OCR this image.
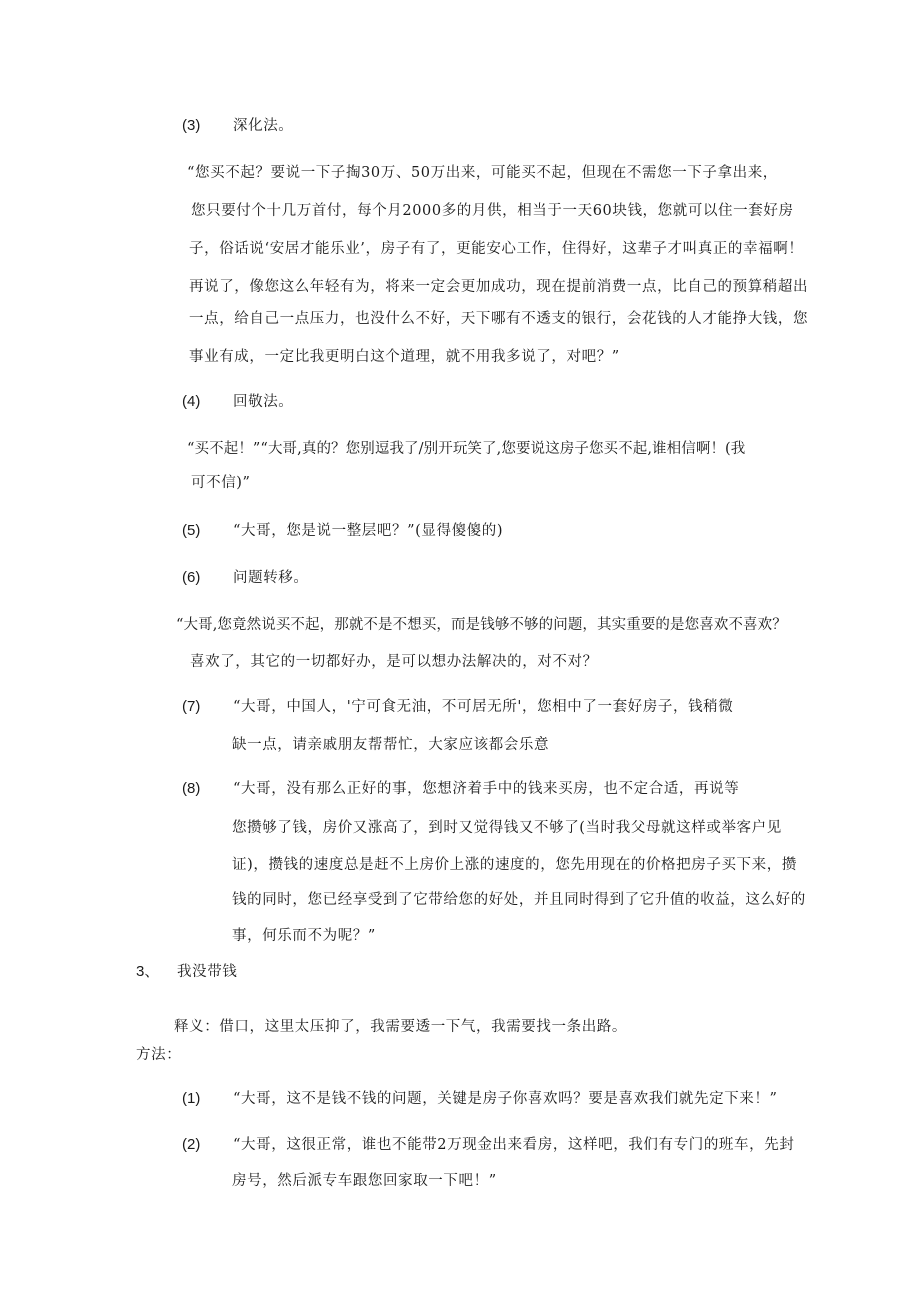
(3) 深化法。
“您买不起？要说一下子掏30万、50万出来，可能买不起，但现在不需您一下子拿出来，
您只要付个十几万首付，每个月2000多的月供，相当于一天60块钱，您就可以住一套好房
子，俗话说‘安居才能乐业’，房子有了，更能安心工作，住得好，这辈子才叫真正的幸福啊！
再说了，像您这么年轻有为，将来一定会更加成功，现在提前消费一点，比自己的预算稍超出
一点，给自己一点压力，也没什么不好，天下哪有不透支的银行，会花钱的人才能挣大钱，您
事业有成，一定比我更明白这个道理，就不用我多说了，对吧？”
(4) 回敬法。
“买不起！”“大哥,真的？您别逗我了/别开玩笑了,您要说这房子您买不起,谁相信啊！(我
可不信)”
(5) “大哥，您是说一整层吧？”(显得傻傻的)
(6) 问题转移。
“大哥,您竟然说买不起，那就不是不想买，而是钱够不够的问题，其实重要的是您喜欢不喜欢？
喜欢了，其它的一切都好办，是可以想办法解决的，对不对？
(7) “大哥，中国人，'宁可食无油，不可居无所'，您相中了一套好房子，钱稍微
缺一点，请亲戚朋友帮帮忙，大家应该都会乐意
(8) “大哥，没有那么正好的事，您想济着手中的钱来买房，也不定合适，再说等
您攒够了钱，房价又涨高了，到时又觉得钱又不够了(当时我父母就这样或举客户见
证)，攒钱的速度总是赶不上房价上涨的速度的，您先用现在的价格把房子买下来，攒
钱的同时，您已经享受到了它带给您的好处，并且同时得到了它升值的收益，这么好的
事，何乐而不为呢？”
3、 我没带钱
释义：借口，这里太压抑了，我需要透一下气，我需要找一条出路。
方法：
(1) “大哥，这不是钱不钱的问题，关键是房子你喜欢吗？要是喜欢我们就先定下来！”
(2) “大哥，这很正常，谁也不能带2万现金出来看房，这样吧，我们有专门的班车，先封
房号，然后派专车跟您回家取一下吧！”
